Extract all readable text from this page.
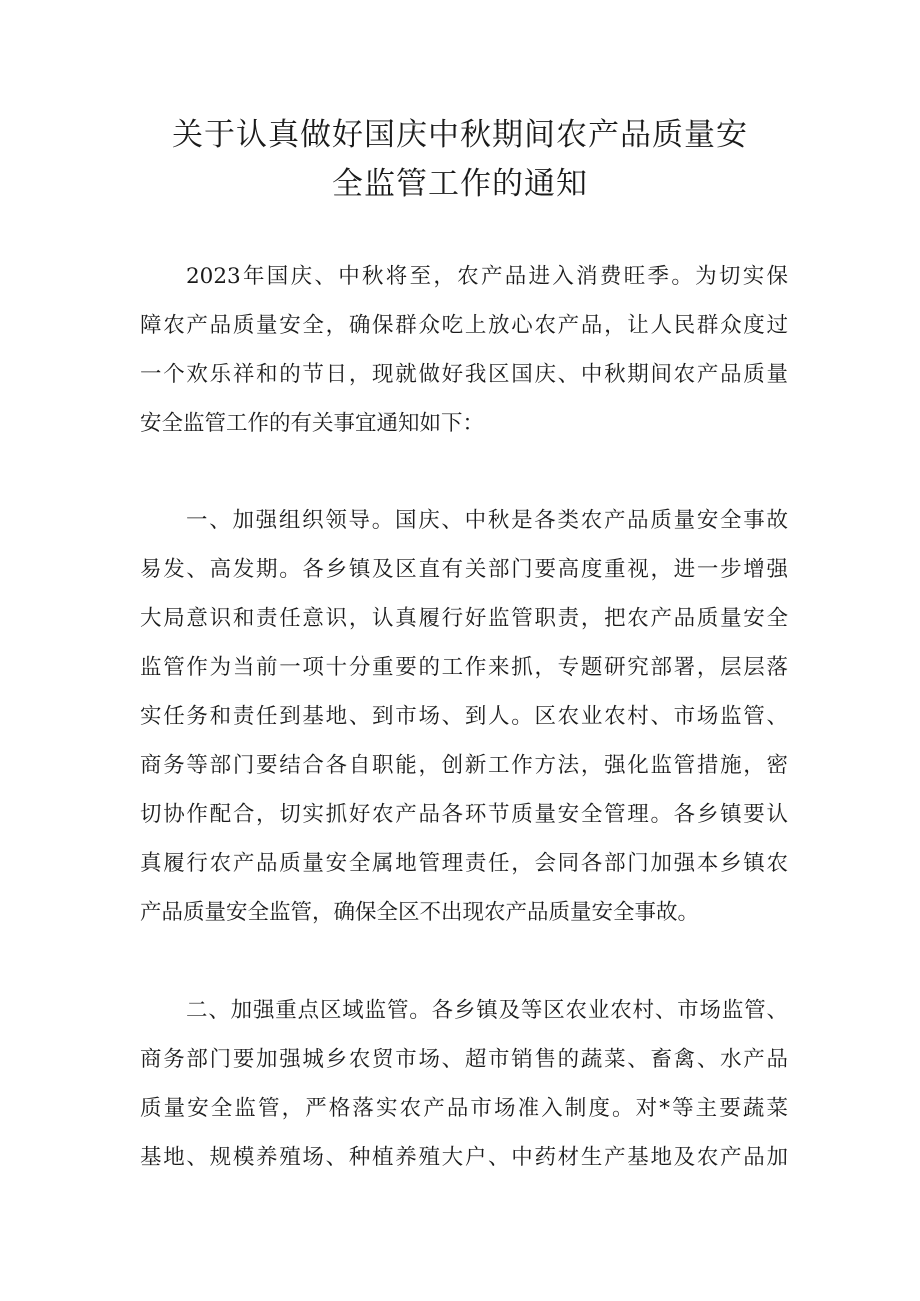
关于认真做好国庆中秋期间农产品质量安
全监管工作的通知
2023年国庆、中秋将至，农产品进入消费旺季。为切实保
障农产品质量安全，确保群众吃上放心农产品，让人民群众度过
一个欢乐祥和的节日，现就做好我区国庆、中秋期间农产品质量
安全监管工作的有关事宜通知如下：
一、加强组织领导。国庆、中秋是各类农产品质量安全事故
易发、高发期。各乡镇及区直有关部门要高度重视，进一步增强
大局意识和责任意识，认真履行好监管职责，把农产品质量安全
监管作为当前一项十分重要的工作来抓，专题研究部署，层层落
实任务和责任到基地、到市场、到人。区农业农村、市场监管、
商务等部门要结合各自职能，创新工作方法，强化监管措施，密
切协作配合，切实抓好农产品各环节质量安全管理。各乡镇要认
真履行农产品质量安全属地管理责任，会同各部门加强本乡镇农
产品质量安全监管，确保全区不出现农产品质量安全事故。
二、加强重点区域监管。各乡镇及等区农业农村、市场监管、
商务部门要加强城乡农贸市场、超市销售的蔬菜、畜禽、水产品
质量安全监管，严格落实农产品市场准入制度。对*等主要蔬菜
基地、规模养殖场、种植养殖大户、中药材生产基地及农产品加
